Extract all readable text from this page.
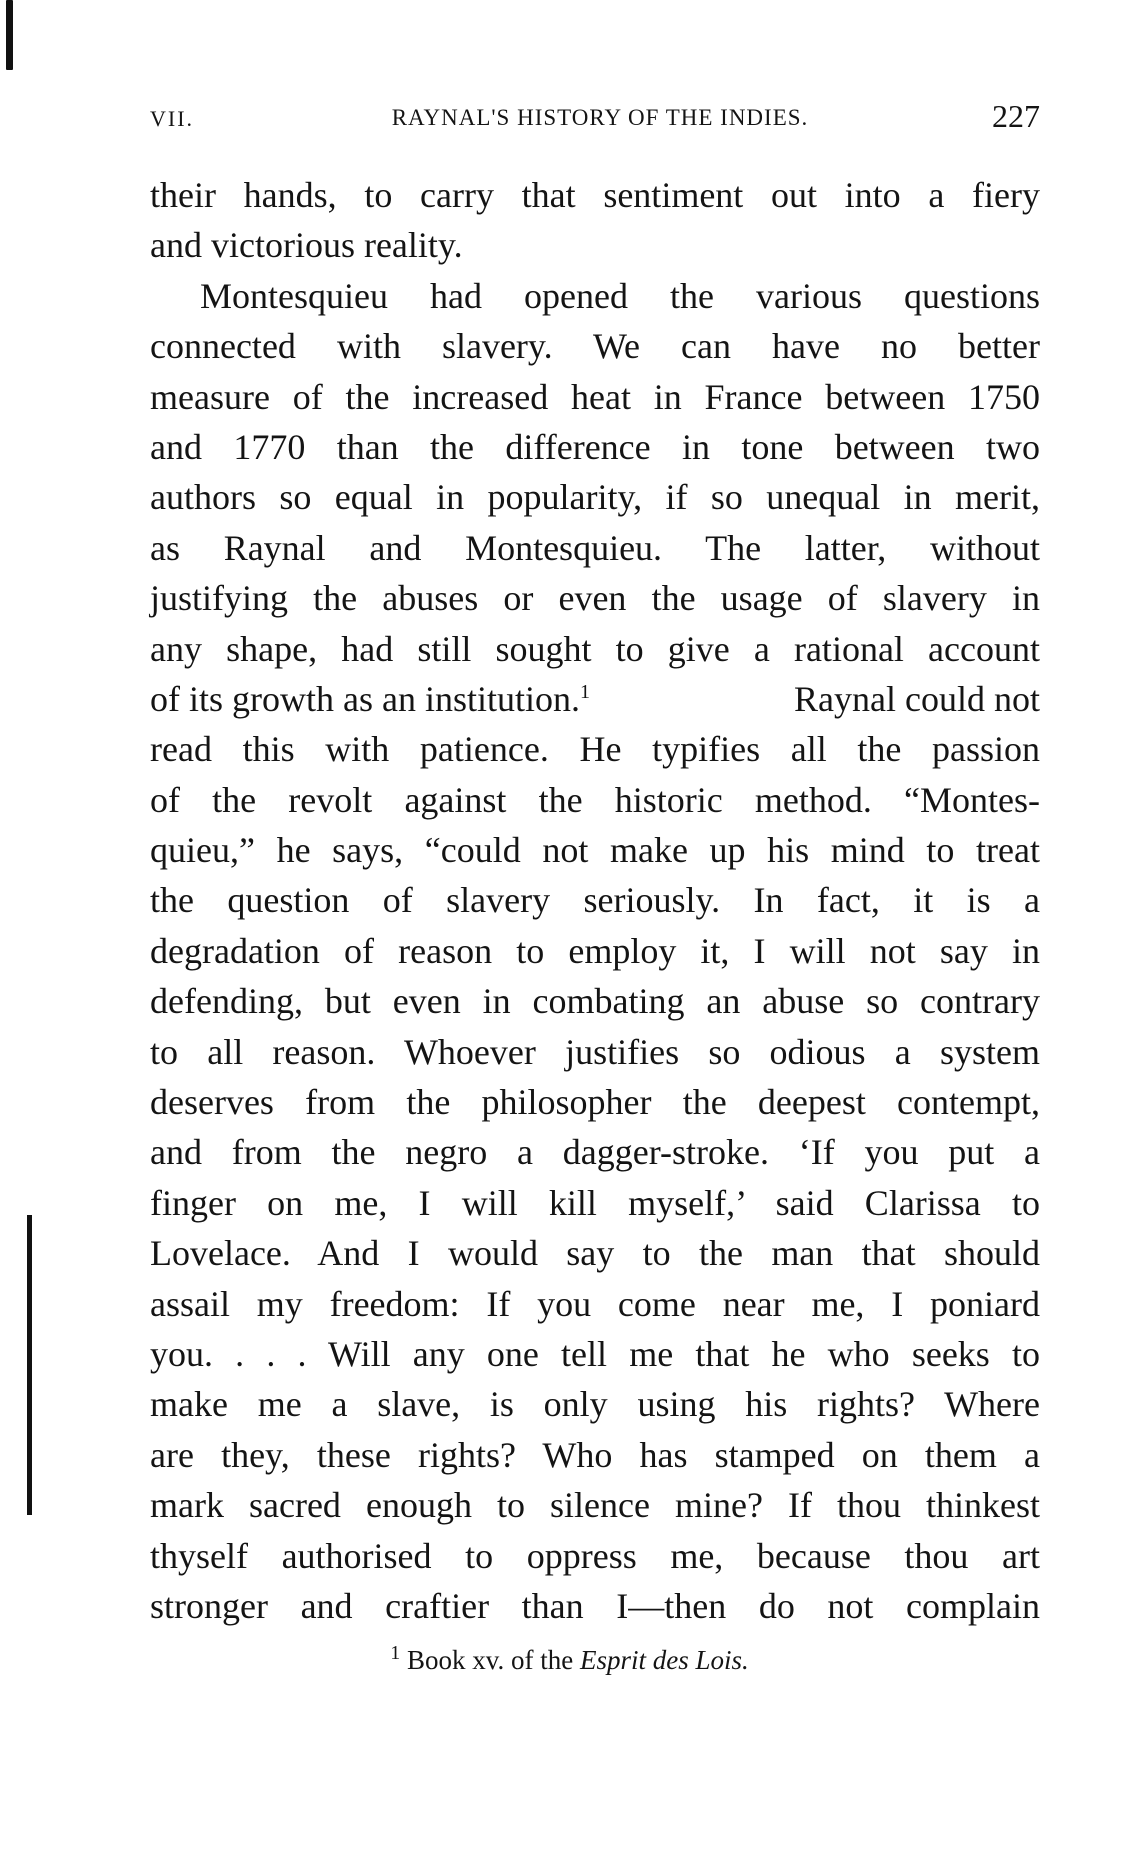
VII.	RAYNAL'S HISTORY OF THE INDIES.	227
their hands, to carry that sentiment out into a fiery
and victorious reality.
Montesquieu had opened the various questions
connected with slavery. We can have no better
measure of the increased heat in France between 1750
and 1770 than the difference in tone between two
authors so equal in popularity, if so unequal in merit,
as Raynal and Montesquieu. The latter, without
justifying the abuses or even the usage of slavery in
any shape, had still sought to give a rational account
of its growth as an institution.$^1$	Raynal could not
read this with patience. He typifies all the passion
of the revolt against the historic method. “Montes-
quieu,” he says, “could not make up his mind to treat
the question of slavery seriously. In fact, it is a
degradation of reason to employ it, I will not say in
defending, but even in combating an abuse so contrary
to all reason. Whoever justifies so odious a system
deserves from the philosopher the deepest contempt,
and from the negro a dagger-stroke. ‘If you put a
finger on me, I will kill myself,’ said Clarissa to
Lovelace. And I would say to the man that should
assail my freedom: If you come near me, I poniard
you. . . . Will any one tell me that he who seeks to
make me a slave, is only using his rights? Where
are they, these rights? Who has stamped on them a
mark sacred enough to silence mine? If thou thinkest
thyself authorised to oppress me, because thou art
stronger and craftier than I—then do not complain
$^1$ Book xv. of the Esprit des Lois.
